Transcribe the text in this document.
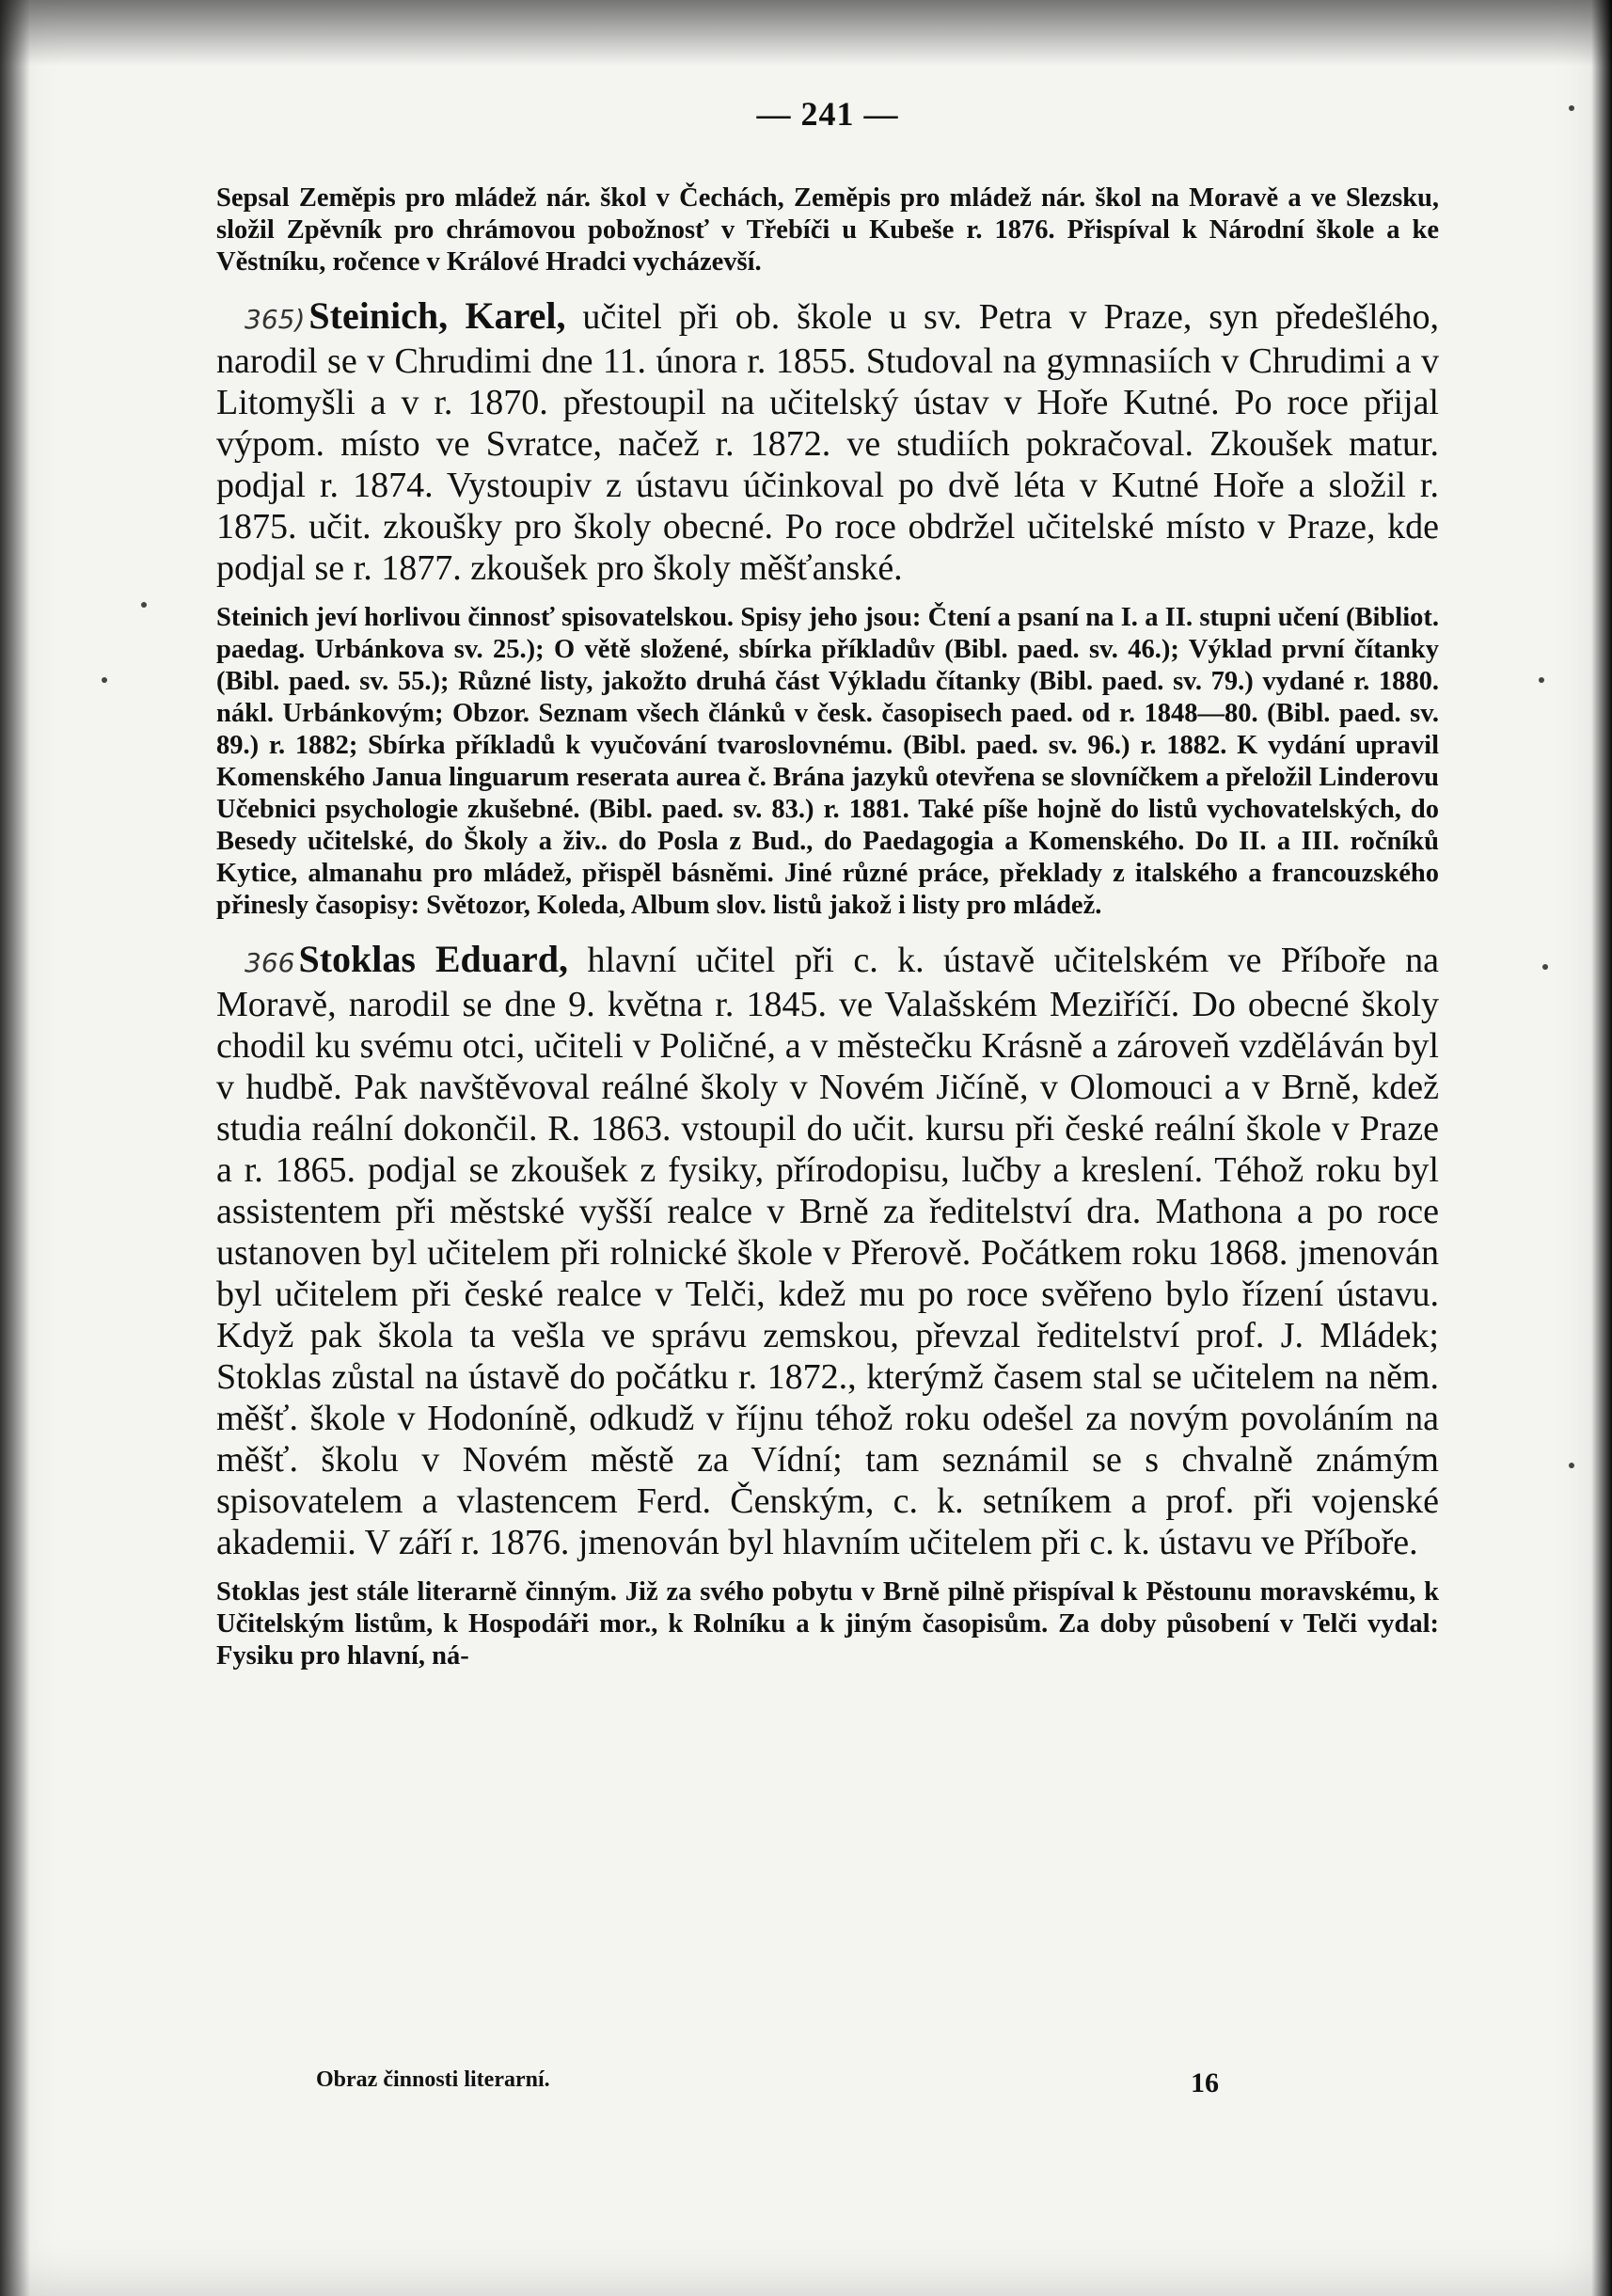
— 241 —

Sepsal Zeměpis pro mládež nár. škol v Čechách, Zeměpis pro mládež nár. škol na Moravě a ve Slezsku, složil Zpěvník pro chrámovou pobožnosť v Třebíči u Kubeše r. 1876. Přispíval k Národní škole a ke Věstníku, ročence v Králové Hradci vycházevší.

365) Steinich, Karel, učitel při ob. škole u sv. Petra v Praze, syn předešlého, narodil se v Chrudimi dne 11. února r. 1855. Studoval na gymnasiích v Chrudimi a v Litomyšli a v r. 1870. přestoupil na učitelský ústav v Hoře Kutné. Po roce přijal výpom. místo ve Svratce, načež r. 1872. ve studiích pokračoval. Zkoušek matur. podjal r. 1874. Vystoupiv z ústavu účinkoval po dvě léta v Kutné Hoře a složil r. 1875. učit. zkoušky pro školy obecné. Po roce obdržel učitelské místo v Praze, kde podjal se r. 1877. zkoušek pro školy měšťanské.

Steinich jeví horlivou činnosť spisovatelskou. Spisy jeho jsou: Čtení a psaní na I. a II. stupni učení (Bibliot. paedag. Urbánkova sv. 25.); O větě složené, sbírka příkladův (Bibl. paed. sv. 46.); Výklad první čítanky (Bibl. paed. sv. 55.); Různé listy, jakožto druhá část Výkladu čítanky (Bibl. paed. sv. 79.) vydané r. 1880. nákl. Urbánkovým; Obzor. Seznam všech článků v česk. časopisech paed. od r. 1848—80. (Bibl. paed. sv. 89.) r. 1882; Sbírka příkladů k vyučování tvaroslovnému. (Bibl. paed. sv. 96.) r. 1882. K vydání upravil Komenského Janua linguarum reserata aurea č. Brána jazyků otevřena se slovníčkem a přeložil Linderovu Učebnici psychologie zkušebné. (Bibl. paed. sv. 83.) r. 1881. Také píše hojně do listů vychovatelských, do Besedy učitelské, do Školy a živ.. do Posla z Bud., do Paedagogia a Komenského. Do II. a III. ročníků Kytice, almanahu pro mládež, přispěl básněmi. Jiné různé práce, překlady z italského a francouzského přinesly časopisy: Světozor, Koleda, Album slov. listů jakož i listy pro mládež.

366 Stoklas Eduard, hlavní učitel při c. k. ústavě učitelském ve Příboře na Moravě, narodil se dne 9. května r. 1845. ve Valašském Meziříčí. Do obecné školy chodil ku svému otci, učiteli v Poličné, a v městečku Krásně a zároveň vzděláván byl v hudbě. Pak navštěvoval reálné školy v Novém Jičíně, v Olomouci a v Brně, kdež studia reální dokončil. R. 1863. vstoupil do učit. kursu při české reální škole v Praze a r. 1865. podjal se zkoušek z fysiky, přírodopisu, lučby a kreslení. Téhož roku byl assistentem při městské vyšší realce v Brně za ředitelství dra. Mathona a po roce ustanoven byl učitelem při rolnické škole v Přerově. Počátkem roku 1868. jmenován byl učitelem při české realce v Telči, kdež mu po roce svěřeno bylo řízení ústavu. Když pak škola ta vešla ve správu zemskou, převzal ředitelství prof. J. Mládek; Stoklas zůstal na ústavě do počátku r. 1872., kterýmž časem stal se učitelem na něm. měšť. škole v Hodoníně, odkudž v říjnu téhož roku odešel za novým povoláním na měšť. školu v Novém městě za Vídní; tam seznámil se s chvalně známým spisovatelem a vlastencem Ferd. Čenským, c. k. setníkem a prof. při vojenské akademii. V září r. 1876. jmenován byl hlavním učitelem při c. k. ústavu ve Příboře.

Stoklas jest stále literarně činným. Již za svého pobytu v Brně pilně přispíval k Pěstounu moravskému, k Učitelským listům, k Hospodáři mor., k Rolníku a k jiným časopisům. Za doby působení v Telči vydal: Fysiku pro hlavní, ná-

Obraz činnosti literarní.	16
